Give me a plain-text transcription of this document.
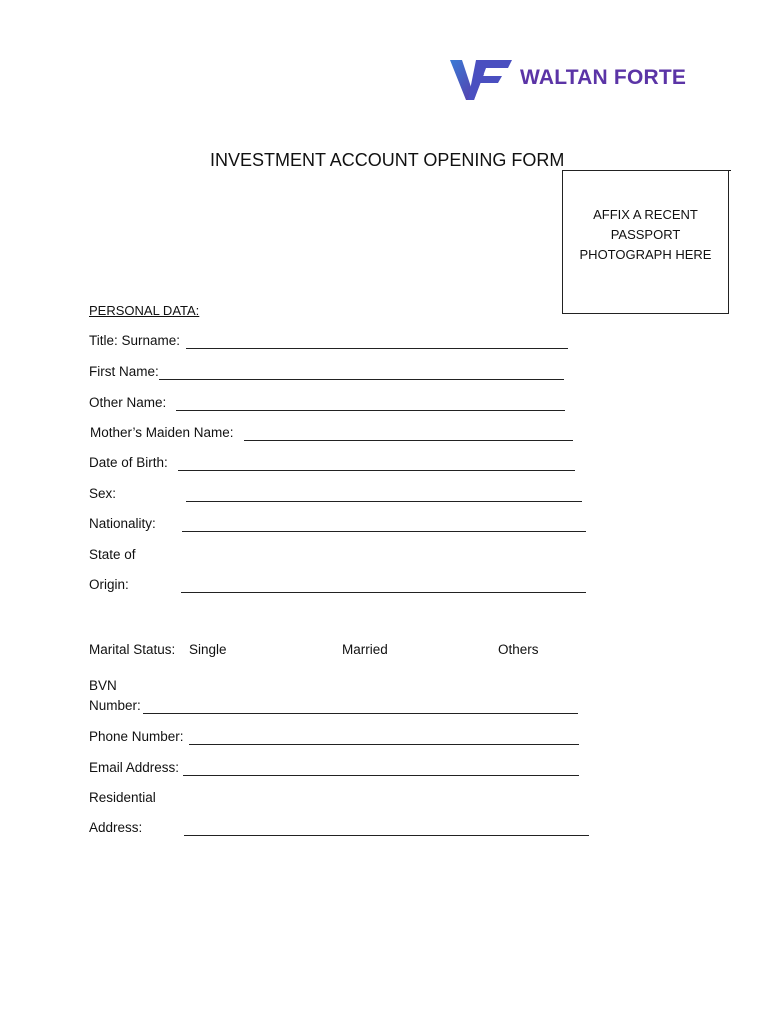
WALTAN FORTE
INVESTMENT ACCOUNT OPENING FORM
AFFIX A RECENT
PASSPORT
PHOTOGRAPH HERE
PERSONAL DATA:
Title: Surname:
First Name:
Other Name:
Mother’s Maiden Name:
Date of Birth:
Sex:
Nationality:
State of
Origin:
Marital Status: Single	Married	Others
BVN
Number:
Phone Number:
Email Address:
Residential
Address:
